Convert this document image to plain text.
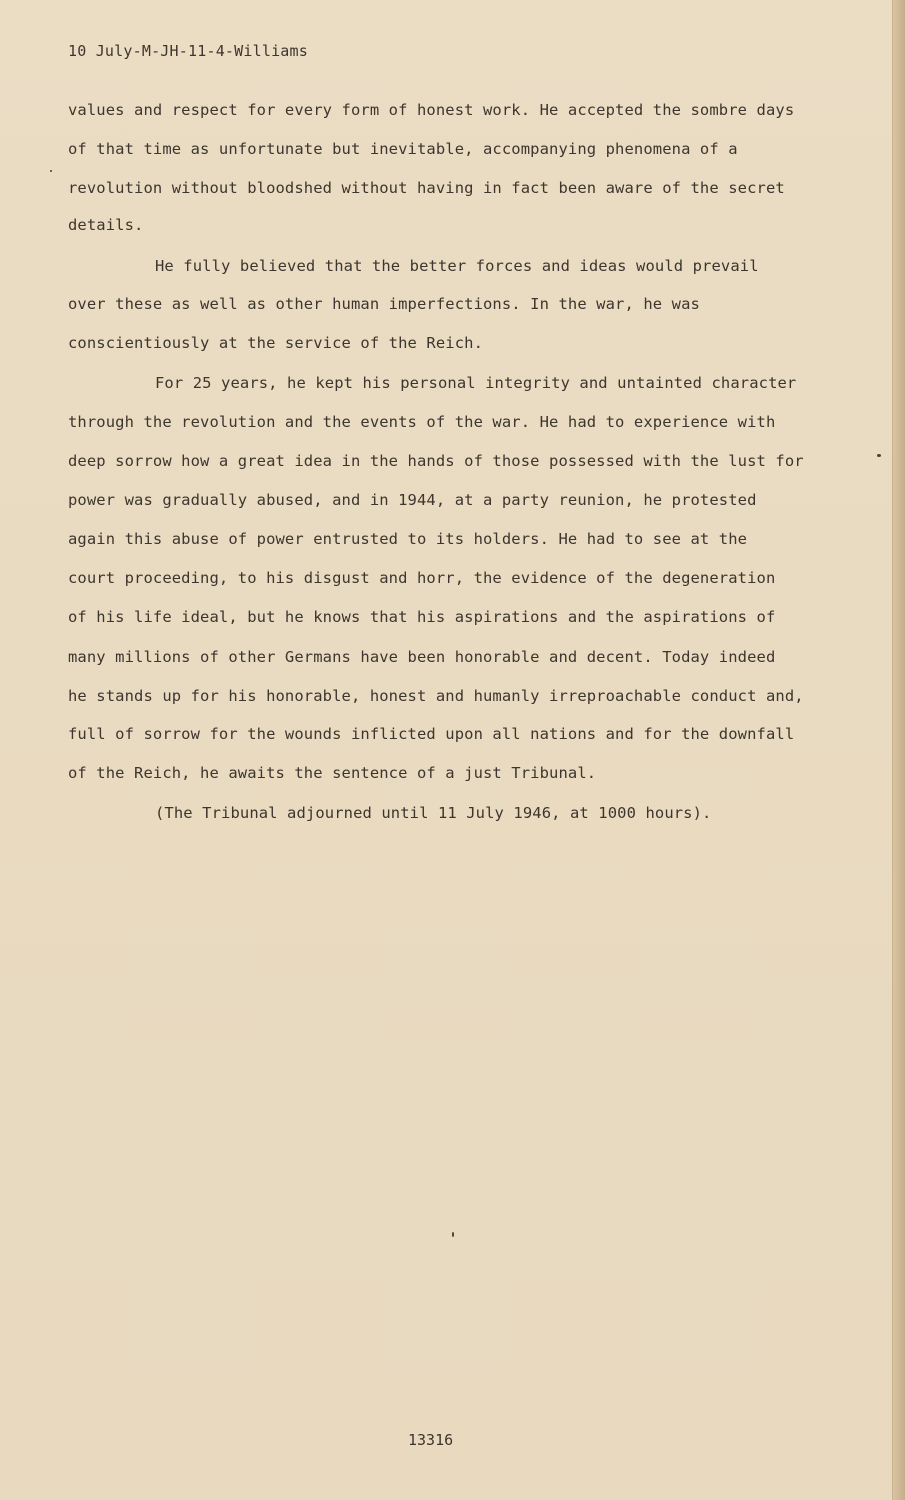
10 July-M-JH-11-4-Williams
values and respect for every form of honest work. He accepted the sombre days
of that time as unfortunate but inevitable, accompanying phenomena of a
revolution without bloodshed without having in fact been aware of the secret
details.
He fully believed that the better forces and ideas would prevail
over these as well as other human imperfections. In the war, he was
conscientiously at the service of the Reich.
For 25 years, he kept his personal integrity and untainted character
through the revolution and the events of the war. He had to experience with
deep sorrow how a great idea in the hands of those possessed with the lust for
power was gradually abused, and in 1944, at a party reunion, he protested
again this abuse of power entrusted to its holders. He had to see at the
court proceeding, to his disgust and horr, the evidence of the degeneration
of his life ideal, but he knows that his aspirations and the aspirations of
many millions of other Germans have been honorable and decent. Today indeed
he stands up for his honorable, honest and humanly irreproachable conduct and,
full of sorrow for the wounds inflicted upon all nations and for the downfall
of the Reich, he awaits the sentence of a just Tribunal.
(The Tribunal adjourned until 11 July 1946, at 1000 hours).
13316
